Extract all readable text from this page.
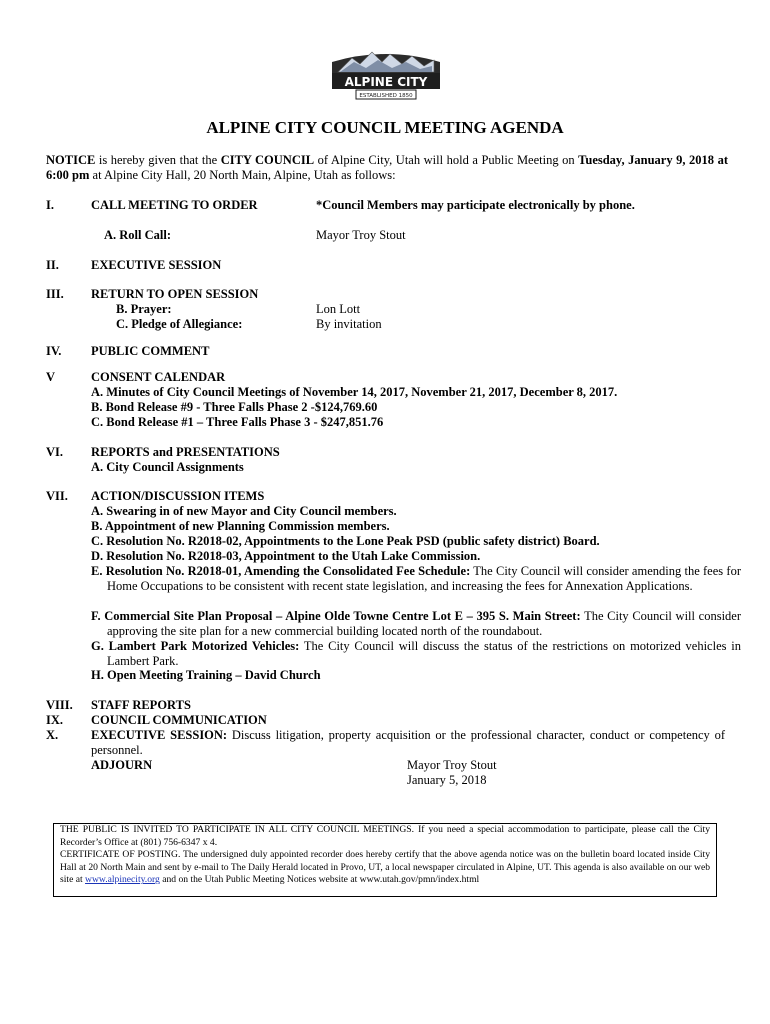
ALPINE CITY
ESTABLISHED 1850
ALPINE CITY COUNCIL MEETING AGENDA
NOTICE is hereby given that the CITY COUNCIL of Alpine City, Utah will hold a Public Meeting on Tuesday, January 9, 2018 at 6:00 pm at Alpine City Hall, 20 North Main, Alpine, Utah as follows:
I.	CALL MEETING TO ORDER	*Council Members may participate electronically by phone.
A. Roll Call:	Mayor Troy Stout
II.	EXECUTIVE SESSION
III. RETURN TO OPEN SESSION
B. Prayer:	Lon Lott
C. Pledge of Allegiance:	By invitation
IV. PUBLIC COMMENT
V	CONSENT CALENDAR
A. Minutes of City Council Meetings of November 14, 2017, November 21, 2017, December 8, 2017.
B. Bond Release #9 - Three Falls Phase 2 -$124,769.60
C. Bond Release #1 – Three Falls Phase 3 - $247,851.76
VI. REPORTS and PRESENTATIONS
A. City Council Assignments
VII. ACTION/DISCUSSION ITEMS
A. Swearing in of new Mayor and City Council members.
B. Appointment of new Planning Commission members.
C. Resolution No. R2018-02, Appointments to the Lone Peak PSD (public safety district) Board.
D. Resolution No. R2018-03, Appointment to the Utah Lake Commission.
E. Resolution No. R2018-01, Amending the Consolidated Fee Schedule: The City Council will consider amending the fees for Home Occupations to be consistent with recent state legislation, and increasing the fees for Annexation Applications.
F. Commercial Site Plan Proposal – Alpine Olde Towne Centre Lot E – 395 S. Main Street: The City Council will consider approving the site plan for a new commercial building located north of the roundabout.
G. Lambert Park Motorized Vehicles: The City Council will discuss the status of the restrictions on motorized vehicles in Lambert Park.
H. Open Meeting Training – David Church
VIII. STAFF REPORTS
IX. COUNCIL COMMUNICATION
X.	EXECUTIVE SESSION: Discuss litigation, property acquisition or the professional character, conduct or competency of personnel.
ADJOURN	Mayor Troy Stout
January 5, 2018
THE PUBLIC IS INVITED TO PARTICIPATE IN ALL CITY COUNCIL MEETINGS. If you need a special accommodation to participate, please call the City Recorder’s Office at (801) 756-6347 x 4.
CERTIFICATE OF POSTING. The undersigned duly appointed recorder does hereby certify that the above agenda notice was on the bulletin board located inside City Hall at 20 North Main and sent by e-mail to The Daily Herald located in Provo, UT, a local newspaper circulated in Alpine, UT. This agenda is also available on our web site at www.alpinecity.org and on the Utah Public Meeting Notices website at www.utah.gov/pmn/index.html
